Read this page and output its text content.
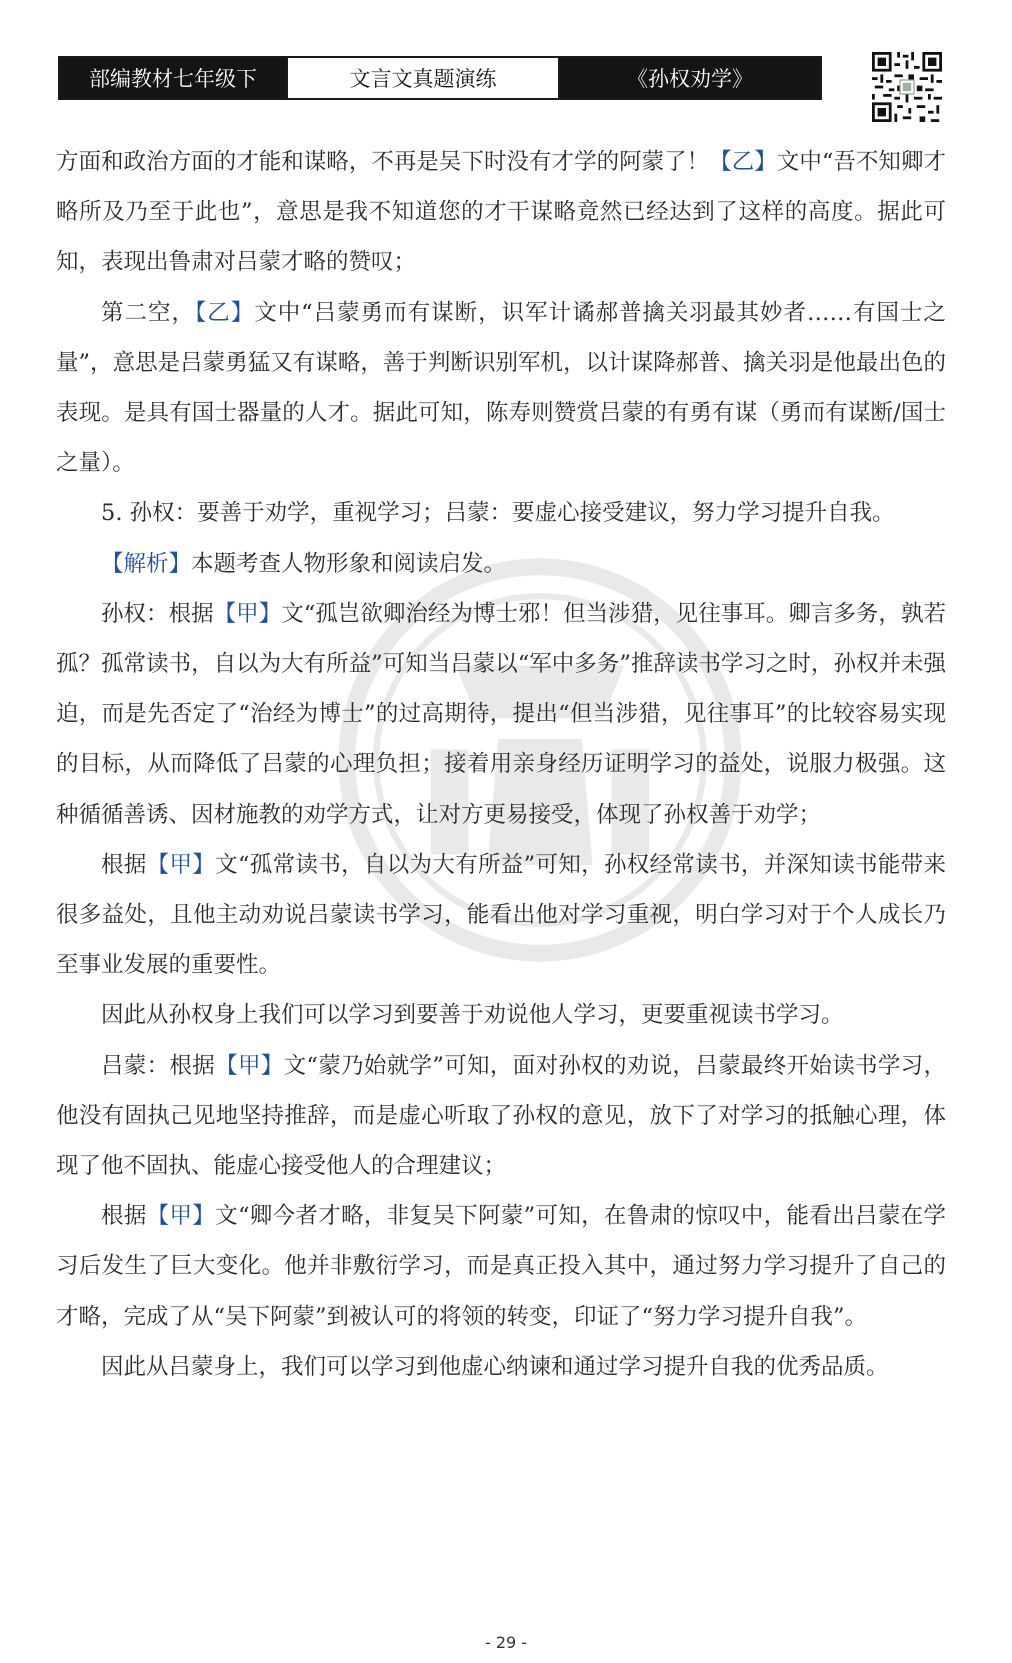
部编教材七年级下	文言文真题演练	《孙权劝学》

方面和政治方面的才能和谋略，不再是吴下时没有才学的阿蒙了！【乙】文中“吾不知卿才略所及乃至于此也”，意思是我不知道您的才干谋略竟然已经达到了这样的高度。据此可知，表现出鲁肃对吕蒙才略的赞叹；

第二空，【乙】文中“吕蒙勇而有谋断，识军计谲郝普擒关羽最其妙者……有国士之量”，意思是吕蒙勇猛又有谋略，善于判断识别军机，以计谋降郝普、擒关羽是他最出色的表现。是具有国士器量的人才。据此可知，陈寿则赞赏吕蒙的有勇有谋（勇而有谋断/国士之量）。

5. 孙权：要善于劝学，重视学习；吕蒙：要虚心接受建议，努力学习提升自我。

【解析】本题考查人物形象和阅读启发。

孙权：根据【甲】文“孤岂欲卿治经为博士邪！但当涉猎，见往事耳。卿言多务，孰若孤？孤常读书，自以为大有所益”可知当吕蒙以“军中多务”推辞读书学习之时，孙权并未强迫，而是先否定了“治经为博士”的过高期待，提出“但当涉猎，见往事耳”的比较容易实现的目标，从而降低了吕蒙的心理负担；接着用亲身经历证明学习的益处，说服力极强。这种循循善诱、因材施教的劝学方式，让对方更易接受，体现了孙权善于劝学；

根据【甲】文“孤常读书，自以为大有所益”可知，孙权经常读书，并深知读书能带来很多益处，且他主动劝说吕蒙读书学习，能看出他对学习重视，明白学习对于个人成长乃至事业发展的重要性。

因此从孙权身上我们可以学习到要善于劝说他人学习，更要重视读书学习。

吕蒙：根据【甲】文“蒙乃始就学”可知，面对孙权的劝说，吕蒙最终开始读书学习，他没有固执己见地坚持推辞，而是虚心听取了孙权的意见，放下了对学习的抵触心理，体现了他不固执、能虚心接受他人的合理建议；

根据【甲】文“卿今者才略，非复吴下阿蒙”可知，在鲁肃的惊叹中，能看出吕蒙在学习后发生了巨大变化。他并非敷衍学习，而是真正投入其中，通过努力学习提升了自己的才略，完成了从“吴下阿蒙”到被认可的将领的转变，印证了“努力学习提升自我”。

因此从吕蒙身上，我们可以学习到他虚心纳谏和通过学习提升自我的优秀品质。

- 29 -
